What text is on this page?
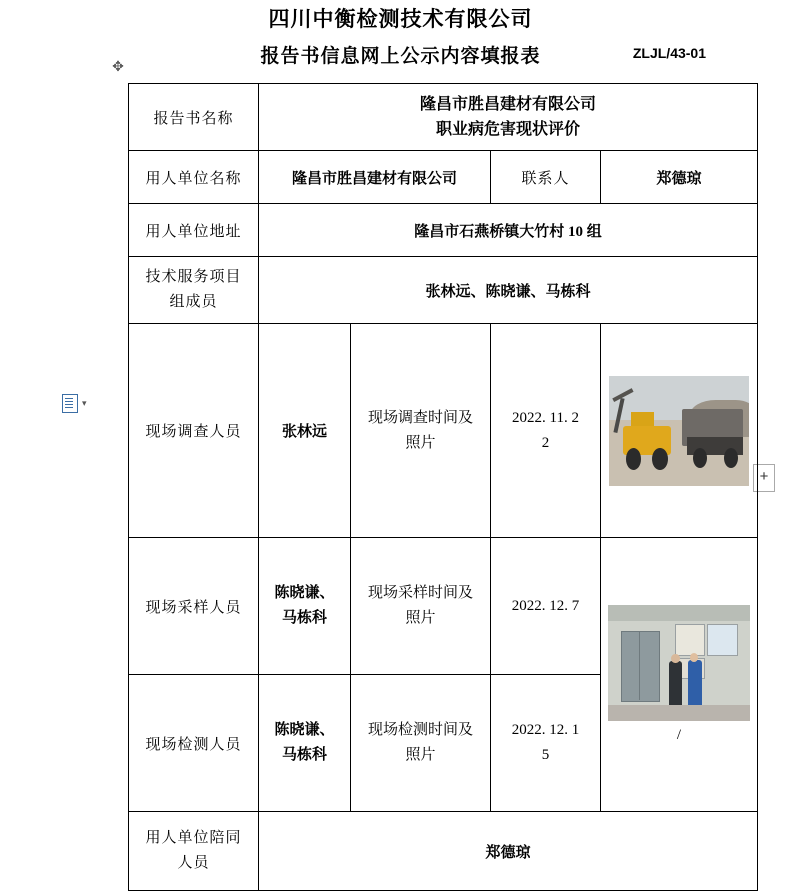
四川中衡检测技术有限公司
报告书信息网上公示内容填报表	ZLJL/43-01
✥
▾
+
报告书名称	隆昌市胜昌建材有限公司
职业病危害现状评价			

用人单位名称	隆昌市胜昌建材有限公司		联系人	郑德琼
用人单位地址	隆昌市石燕桥镇大竹村 10 组			

技术服务项目
组成员	张林远、陈晓谦、马栋科			
现场调查人员	张林远	现场调查时间及
照片	2022. 11. 2
2	

现场采样人员	陈晓谦、
马栋科	现场采样时间及
照片	2022. 12. 7	/

现场检测人员	陈晓谦、
马栋科	现场检测时间及
照片	2022. 12. 1
5	

用人单位陪同
人员	郑德琼			
